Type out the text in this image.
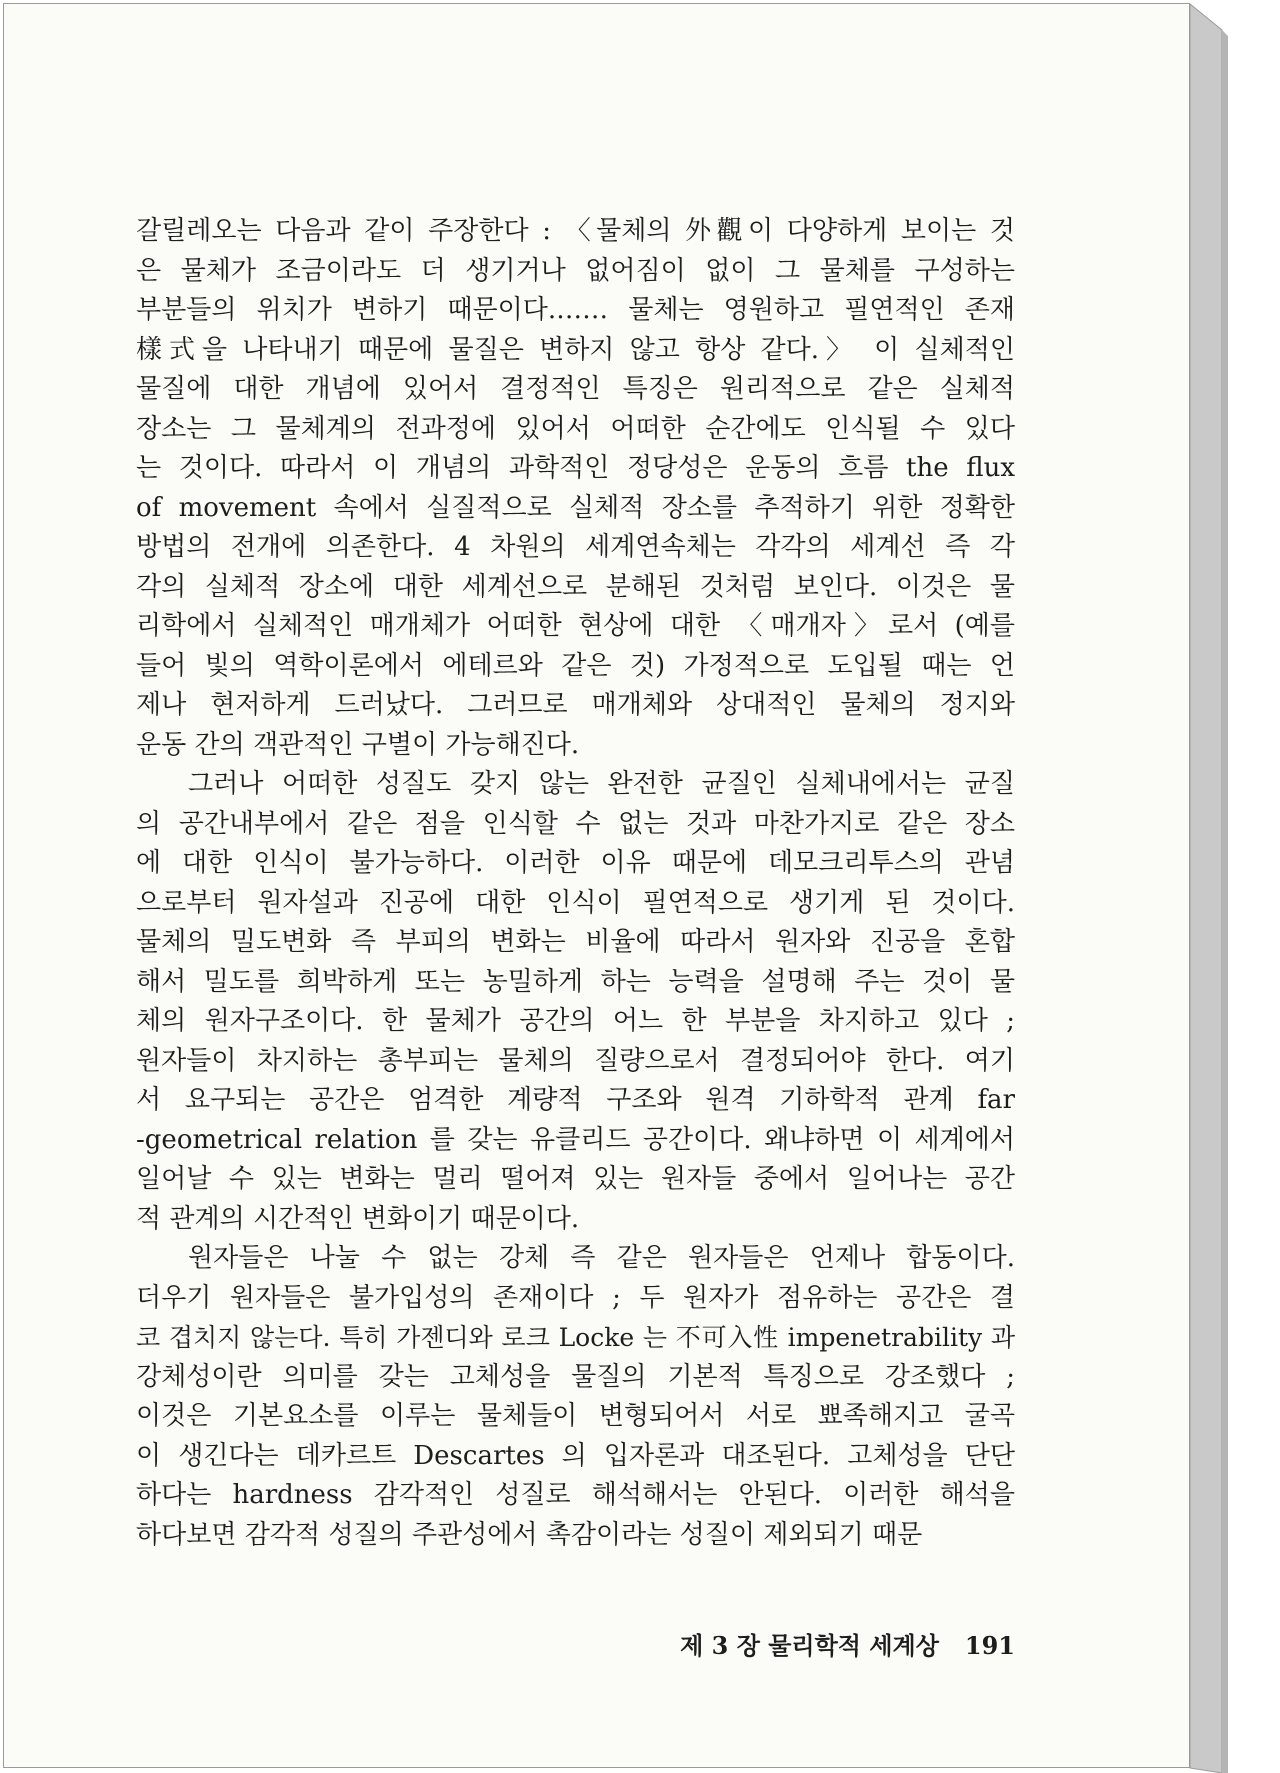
갈릴레오는 다음과 같이 주장한다 : 〈물체의 外觀이 다양하게 보이는 것
은 물체가 조금이라도 더 생기거나 없어짐이 없이 그 물체를 구성하는
부분들의 위치가 변하기 때문이다.…… 물체는 영원하고 필연적인 존재
樣式을 나타내기 때문에 물질은 변하지 않고 항상 같다.〉 이 실체적인
물질에 대한 개념에 있어서 결정적인 특징은 원리적으로 같은 실체적
장소는 그 물체계의 전과정에 있어서 어떠한 순간에도 인식될 수 있다
는 것이다. 따라서 이 개념의 과학적인 정당성은 운동의 흐름 the flux
of movement 속에서 실질적으로 실체적 장소를 추적하기 위한 정확한
방법의 전개에 의존한다. 4 차원의 세계연속체는 각각의 세계선 즉 각
각의 실체적 장소에 대한 세계선으로 분해된 것처럼 보인다. 이것은 물
리학에서 실체적인 매개체가 어떠한 현상에 대한 〈매개자〉로서 (예를
들어 빛의 역학이론에서 에테르와 같은 것) 가정적으로 도입될 때는 언
제나 현저하게 드러났다. 그러므로 매개체와 상대적인 물체의 정지와
운동 간의 객관적인 구별이 가능해진다.
그러나 어떠한 성질도 갖지 않는 완전한 균질인 실체내에서는 균질
의 공간내부에서 같은 점을 인식할 수 없는 것과 마찬가지로 같은 장소
에 대한 인식이 불가능하다. 이러한 이유 때문에 데모크리투스의 관념
으로부터 원자설과 진공에 대한 인식이 필연적으로 생기게 된 것이다.
물체의 밀도변화 즉 부피의 변화는 비율에 따라서 원자와 진공을 혼합
해서 밀도를 희박하게 또는 농밀하게 하는 능력을 설명해 주는 것이 물
체의 원자구조이다. 한 물체가 공간의 어느 한 부분을 차지하고 있다 ;
원자들이 차지하는 총부피는 물체의 질량으로서 결정되어야 한다. 여기
서 요구되는 공간은 엄격한 계량적 구조와 원격 기하학적 관계 far
-geometrical relation 를 갖는 유클리드 공간이다. 왜냐하면 이 세계에서
일어날 수 있는 변화는 멀리 떨어져 있는 원자들 중에서 일어나는 공간
적 관계의 시간적인 변화이기 때문이다.
원자들은 나눌 수 없는 강체 즉 같은 원자들은 언제나 합동이다.
더우기 원자들은 불가입성의 존재이다 ; 두 원자가 점유하는 공간은 결
코 겹치지 않는다. 특히 가젠디와 로크 Locke 는 不可入性 impenetrability 과
강체성이란 의미를 갖는 고체성을 물질의 기본적 특징으로 강조했다 ;
이것은 기본요소를 이루는 물체들이 변형되어서 서로 뾰족해지고 굴곡
이 생긴다는 데카르트 Descartes 의 입자론과 대조된다. 고체성을 단단
하다는 hardness 감각적인 성질로 해석해서는 안된다. 이러한 해석을
하다보면 감각적 성질의 주관성에서 촉감이라는 성질이 제외되기 때문
제 3 장 물리학적 세계상 191
